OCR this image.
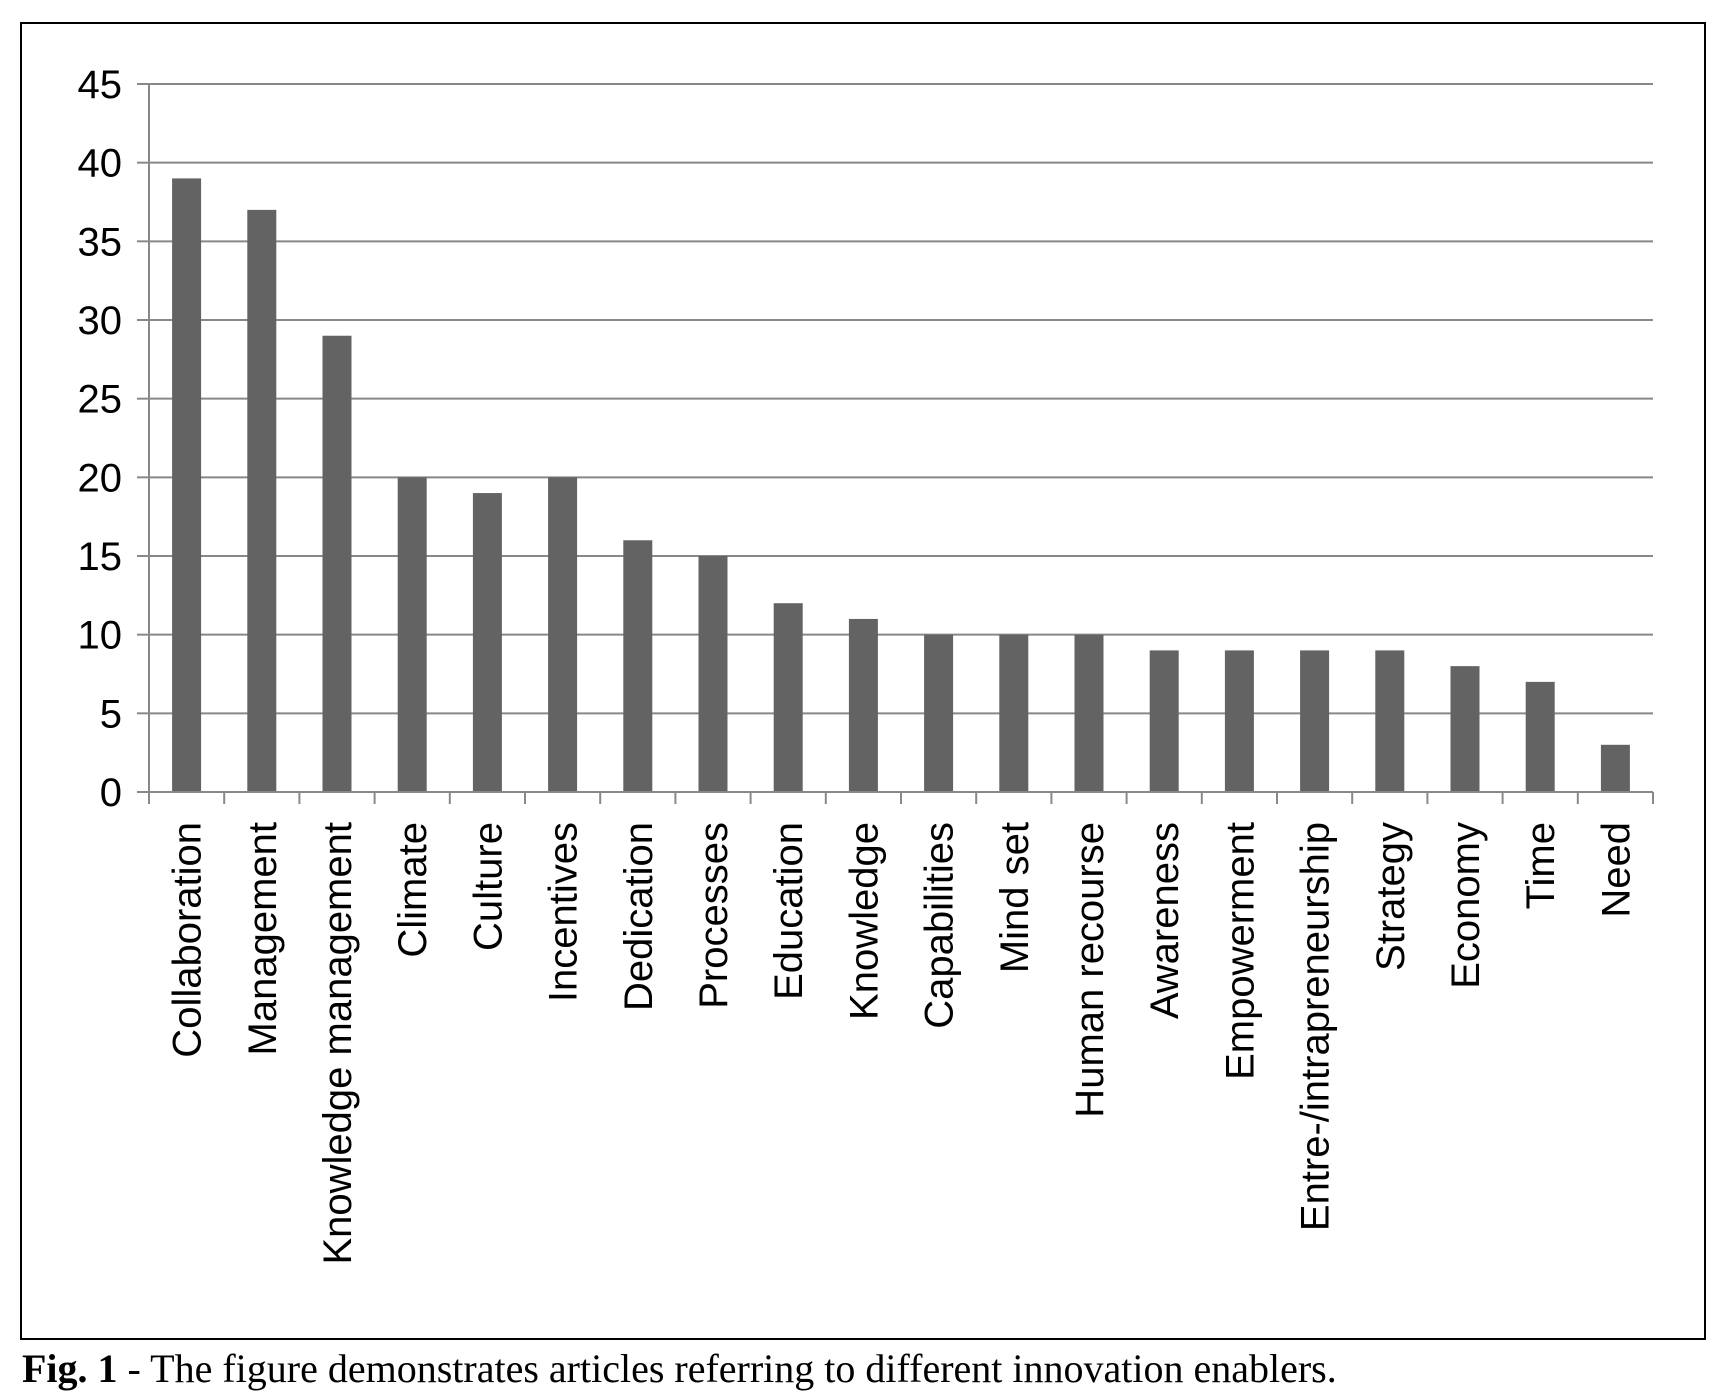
0
5
10
15
20
25
30
35
40
45
Collaboration Management Knowledge management Climate Culture Incentives Dedication Processes Education Knowledge Capabilities Mind set Human recourse Awareness Empowerment Entre-/intrapreneurship Strategy Economy Time Need
Fig. 1 - The figure demonstrates articles referring to different innovation enablers.
